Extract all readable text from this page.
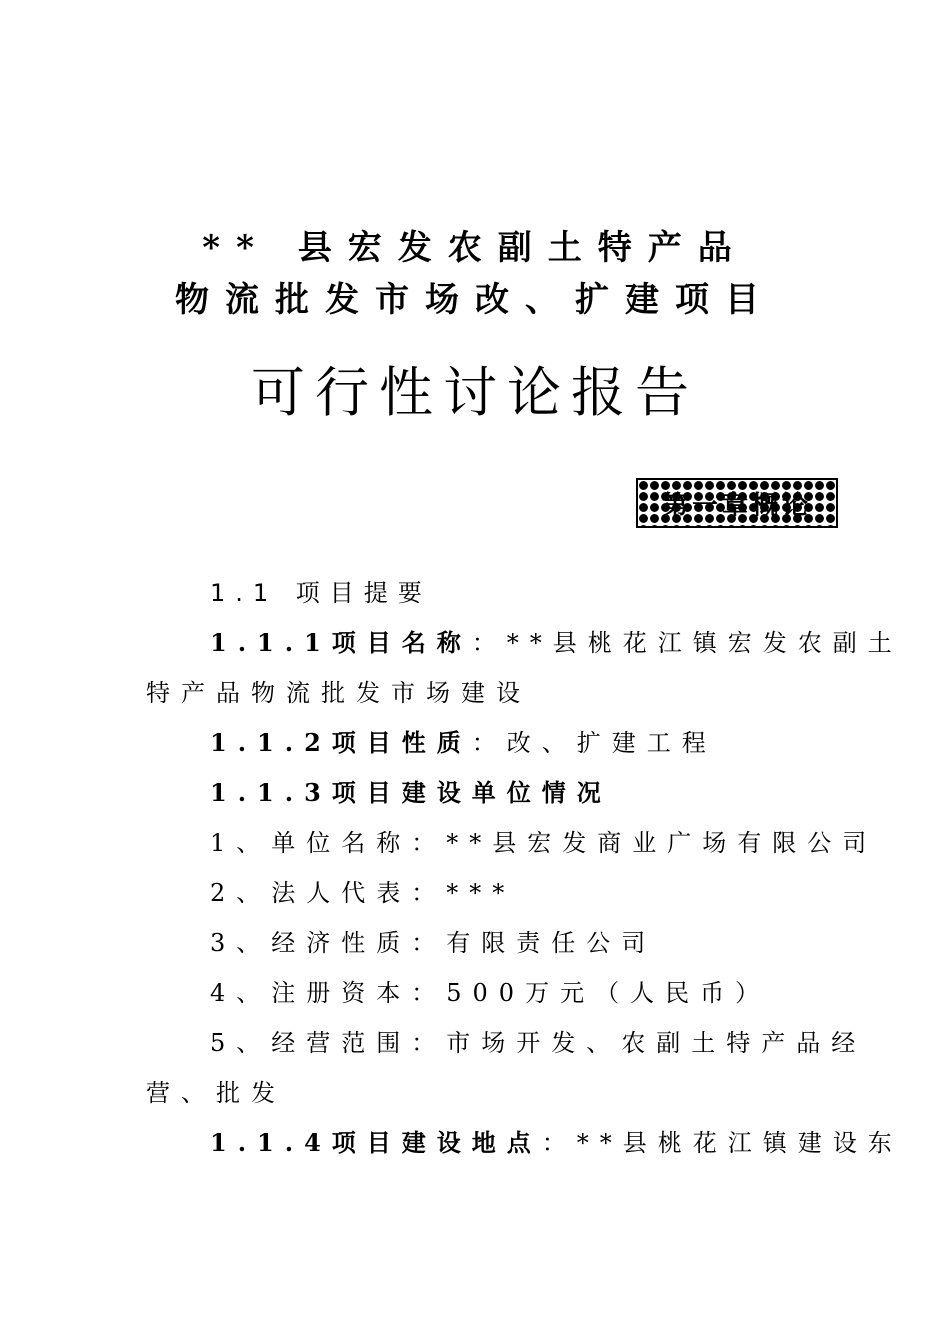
** 县宏发农副土特产品
物流批发市场改、扩建项目
可行性讨论报告
第一章概论
1.1 项目提要
1.1.1项目名称：**县桃花江镇宏发农副土
特产品物流批发市场建设
1.1.2项目性质：改、扩建工程
1.1.3项目建设单位情况
1、单位名称：**县宏发商业广场有限公司
2、法人代表：***
3、经济性质：有限责任公司
4、注册资本：500万元（人民币）
5、经营范围：市场开发、农副土特产品经
营、批发
1.1.4项目建设地点：**县桃花江镇建设东
